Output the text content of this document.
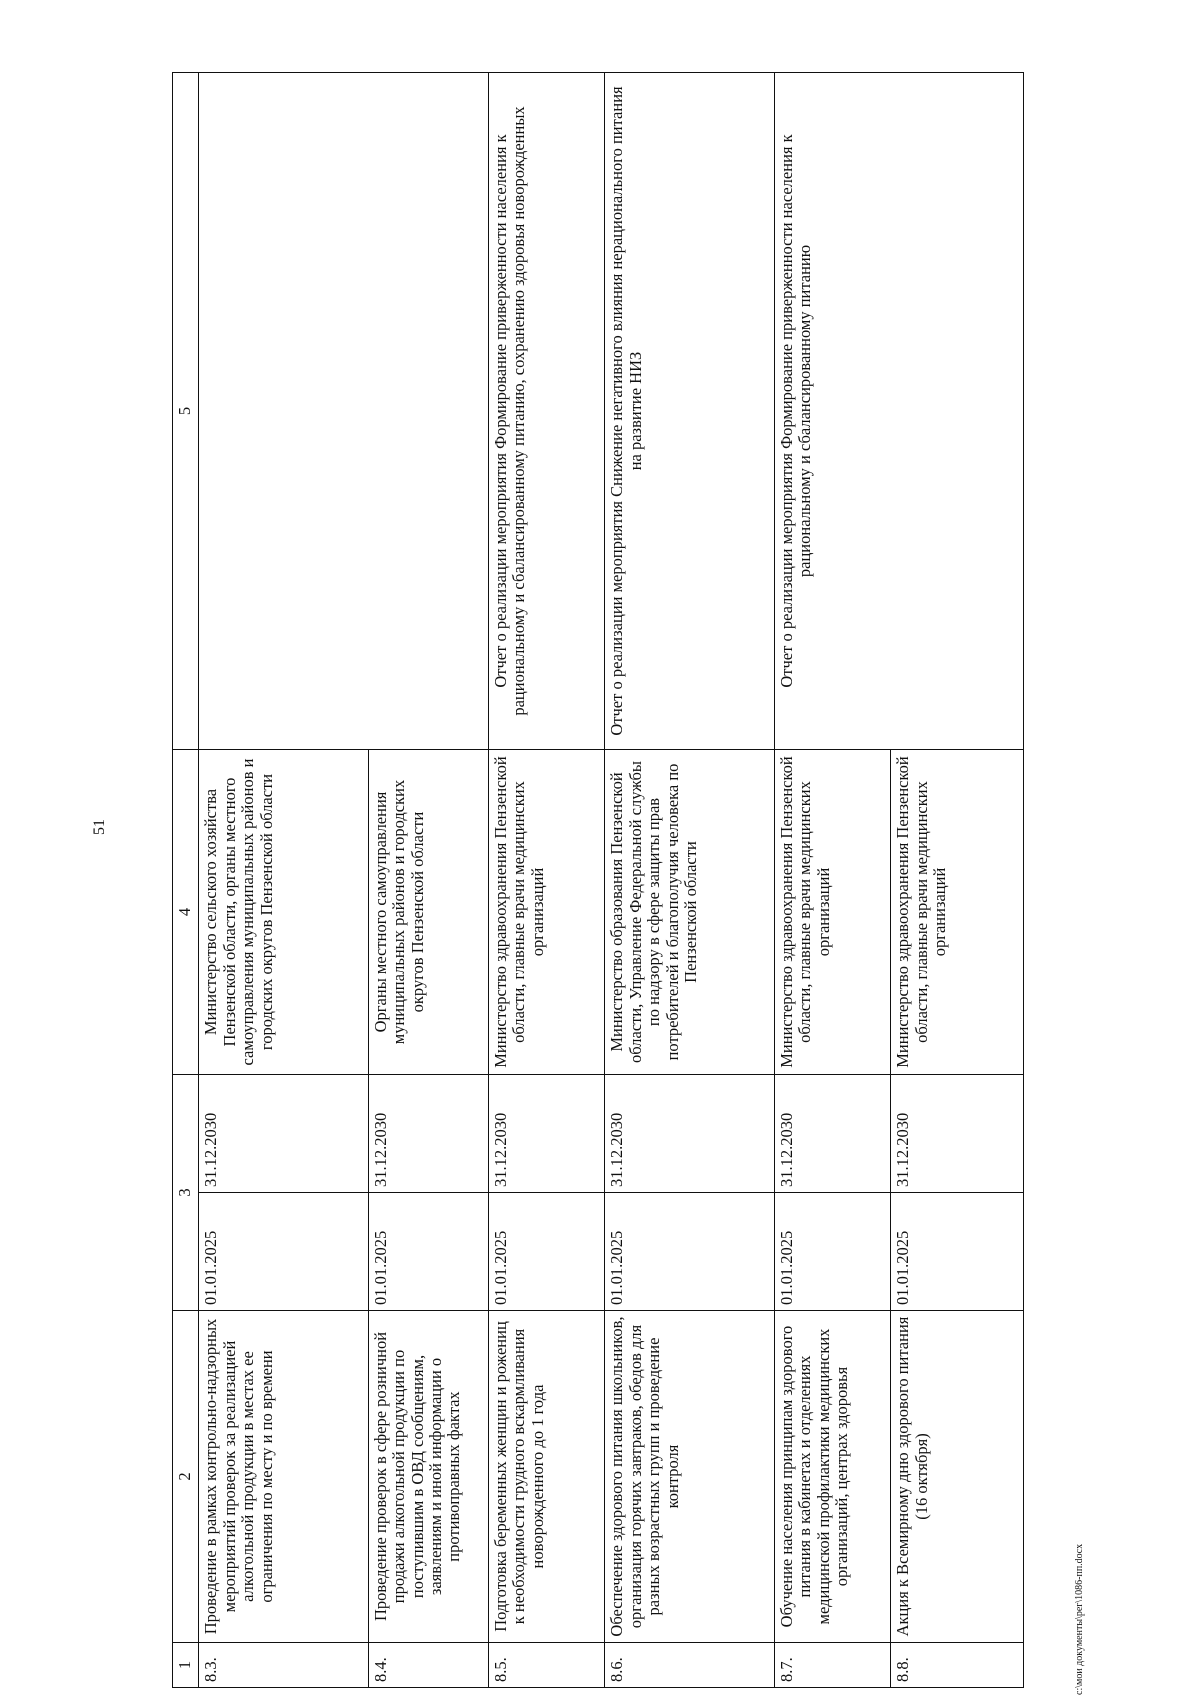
51
1	2	3		4	5
8.3.	Проведение в рамках контрольно-надзорных мероприятий проверок за реализацией алкогольной продукции в местах ее ограничения по месту и по времени	01.01.2025	31.12.2030	Министерство сельского хозяйства Пензенской области, органы местного самоуправления муниципальных районов и городских округов Пензенской области	
8.4.	Проведение проверок в сфере розничной продажи алкогольной продукции по поступившим в ОВД сообщениям, заявлениям и иной информации о противоправных фактах	01.01.2025	31.12.2030	Органы местного самоуправления муниципальных районов и городских округов Пензенской области	
8.5.	Подготовка беременных женщин и рожениц к необходимости грудного вскармливания новорожденного до 1 года	01.01.2025	31.12.2030	Министерство здравоохранения Пензенской области, главные врачи медицинских организаций	Отчет о реализации мероприятия Формирование приверженности населения к рациональному и сбалансированному питанию, сохранению здоровья новорожденных
8.6.	Обеспечение здорового питания школьников, организация горячих завтраков, обедов для разных возрастных групп и проведение контроля	01.01.2025	31.12.2030	Министерство образования Пензенской области, Управление Федеральной службы по надзору в сфере защиты прав потребителей и благополучия человека по Пензенской области	Отчет о реализации мероприятия Снижение негативного влияния нерационального питания на развитие НИЗ
8.7.	Обучение населения принципам здорового питания в кабинетах и отделениях медицинской профилактики медицинских организаций, центрах здоровья	01.01.2025	31.12.2030	Министерство здравоохранения Пензенской области, главные врачи медицинских организаций	Отчет о реализации мероприятия Формирование приверженности населения к рациональному и сбалансированному питанию
8.8.	Акция к Всемирному дню здорового питания (16 октября)	01.01.2025	31.12.2030	Министерство здравоохранения Пензенской области, главные врачи медицинских организаций	
c:\мои документы\рег\1086-пп.docx
